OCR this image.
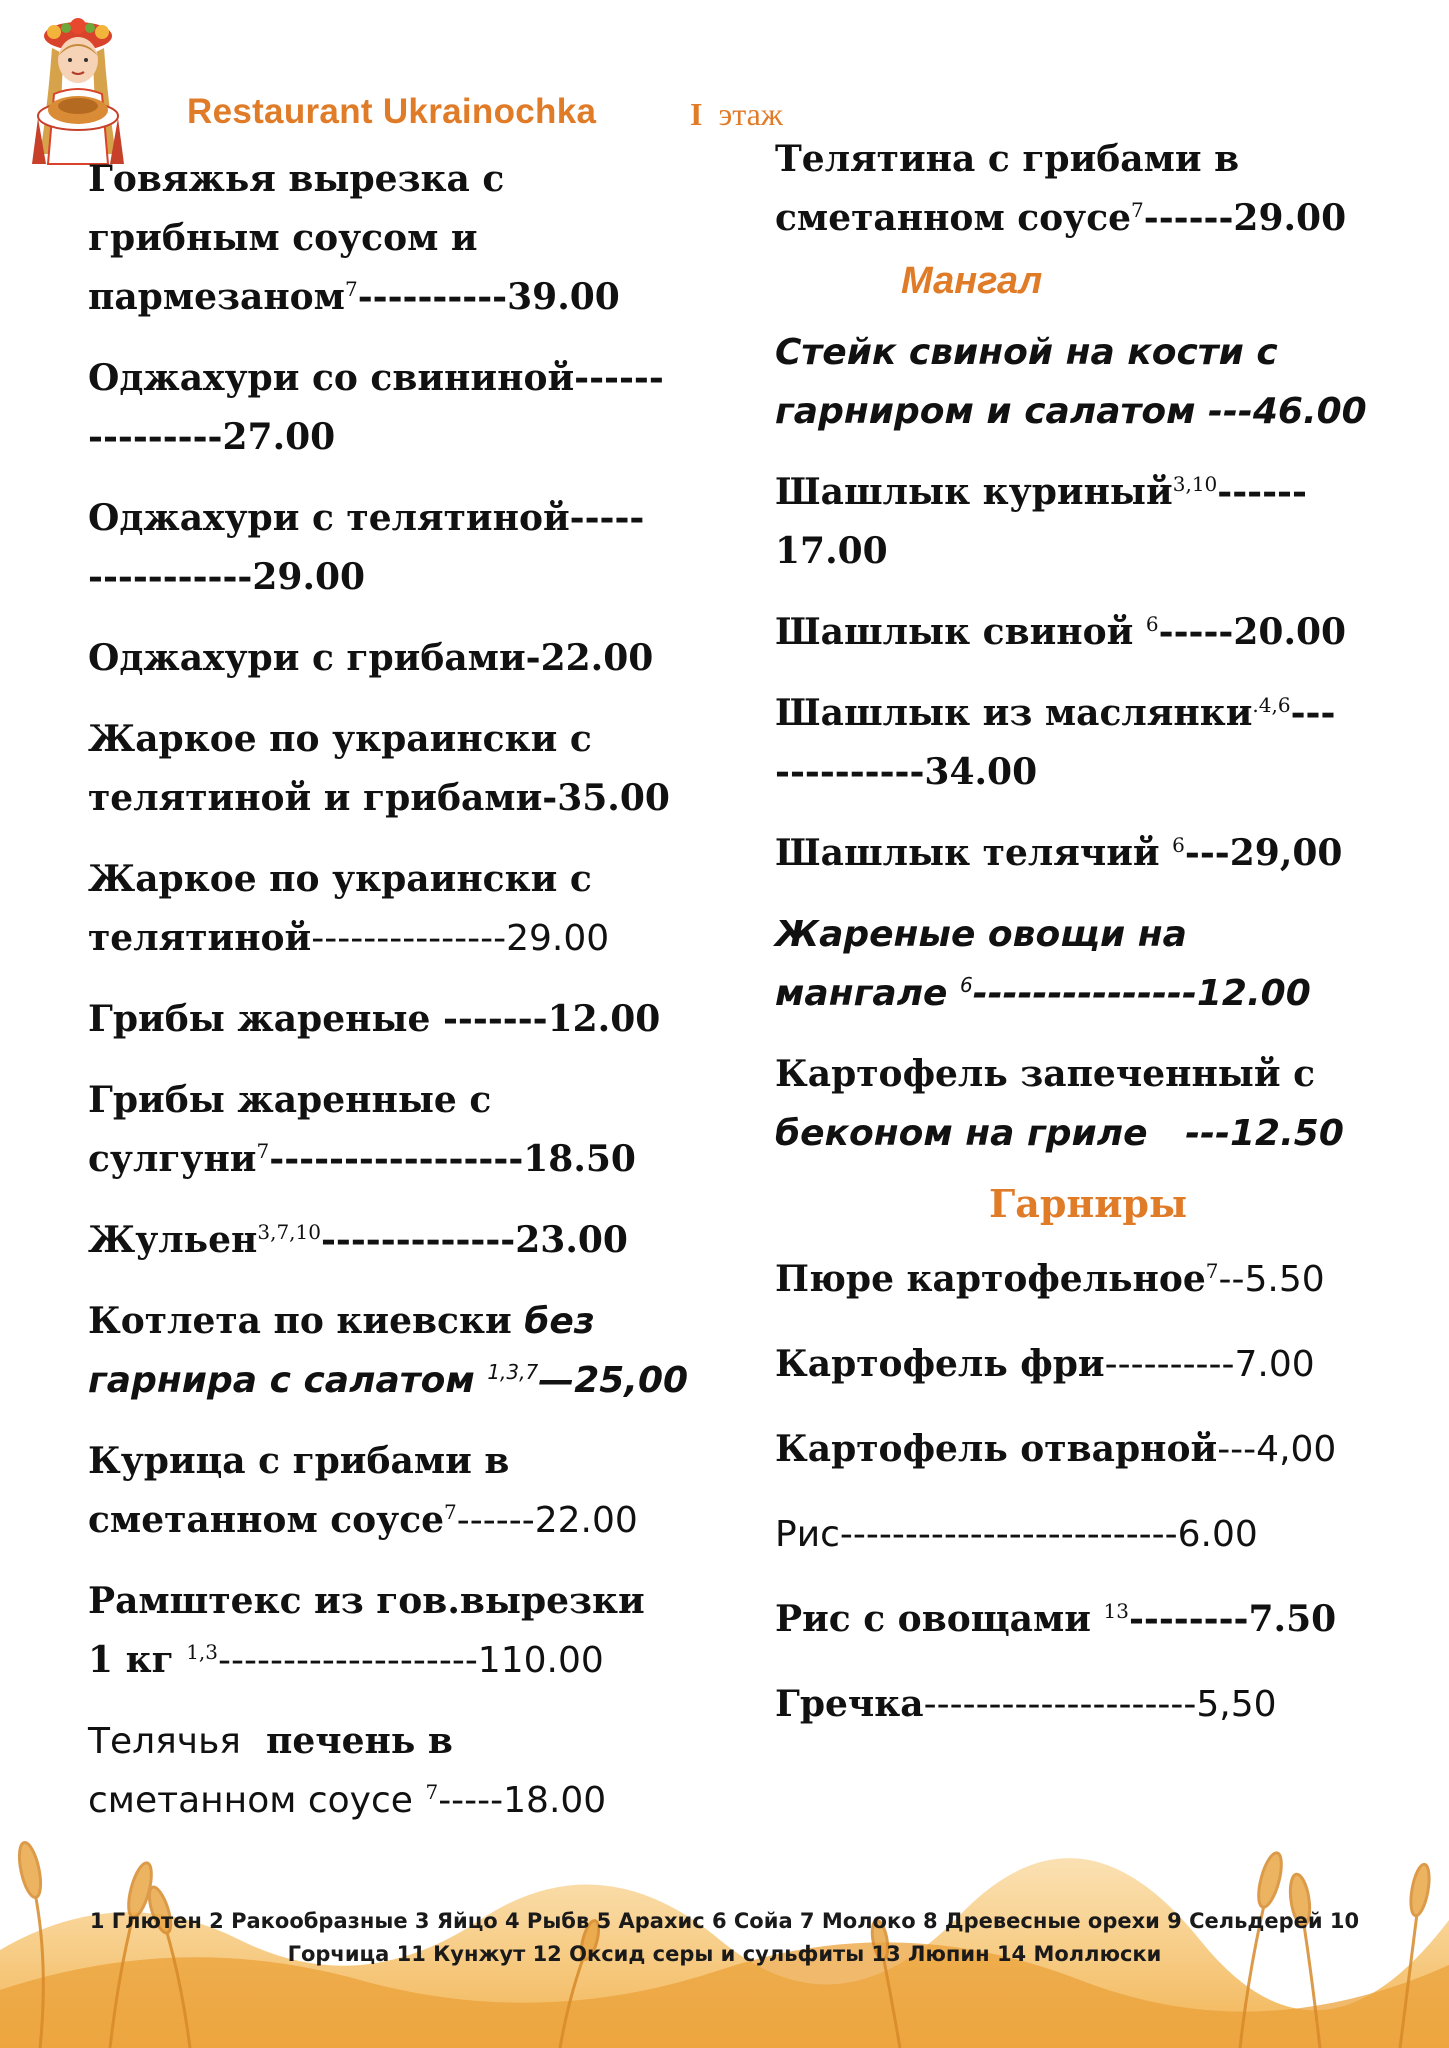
Restaurant Ukrainochka	I этаж

Говяжья вырезка с

грибным соусом и

пармезаном$^7$----------39.00

Оджахури со свининой------

---------27.00

Оджахури с телятиной-----

-----------29.00

Оджахури с грибами-22.00

Жаркое по украински с

телятиной и грибами-35.00

Жаркое по украински с

телятиной---------------29.00

Грибы жареные -------12.00

Грибы жаренные с

сулгуни$^7$-----------------18.50

Жульен$^{3,7,10}$-------------23.00

Котлета по киевски без

гарнира с салатом $^{1,3,7}$—25,00

Курица с грибами в

сметанном соусе$^7$------22.00

Рамштекс из гов.вырезки

1 кг $^{1,3}$--------------------110.00

Телячья печень в

сметанном соусе $^7$-----18.00

Телятина с грибами в

сметанном соусе$^7$------29.00

Мангал

Стейк свиной на кости с

гарниром и салатом ---46.00

Шашлык куриный$^{3,10}$------

17.00

Шашлык свиной $^6$-----20.00

Шашлык из маслянки$^{.4,6}$---

----------34.00

Шашлык телячий $^6$---29,00

Жареные овощи на

мангале $^6$---------------12.00

Картофель запеченный с

беконом на гриле ---12.50

Гарниры

Пюре картофельное$^7$--5.50

Картофель фри----------7.00

Картофель отварной---4,00

Рис--------------------------6.00

Рис с овощами $^{13}$--------7.50

Гречка---------------------5,50

1 Глютен 2 Ракообразные 3 Яйцо 4 Рыбв 5 Арахис 6 Сойа 7 Молоко 8 Древесные орехи 9 Сельдерей 10
Горчица 11 Кунжут 12 Оксид серы и сульфиты 13 Люпин 14 Моллюски
